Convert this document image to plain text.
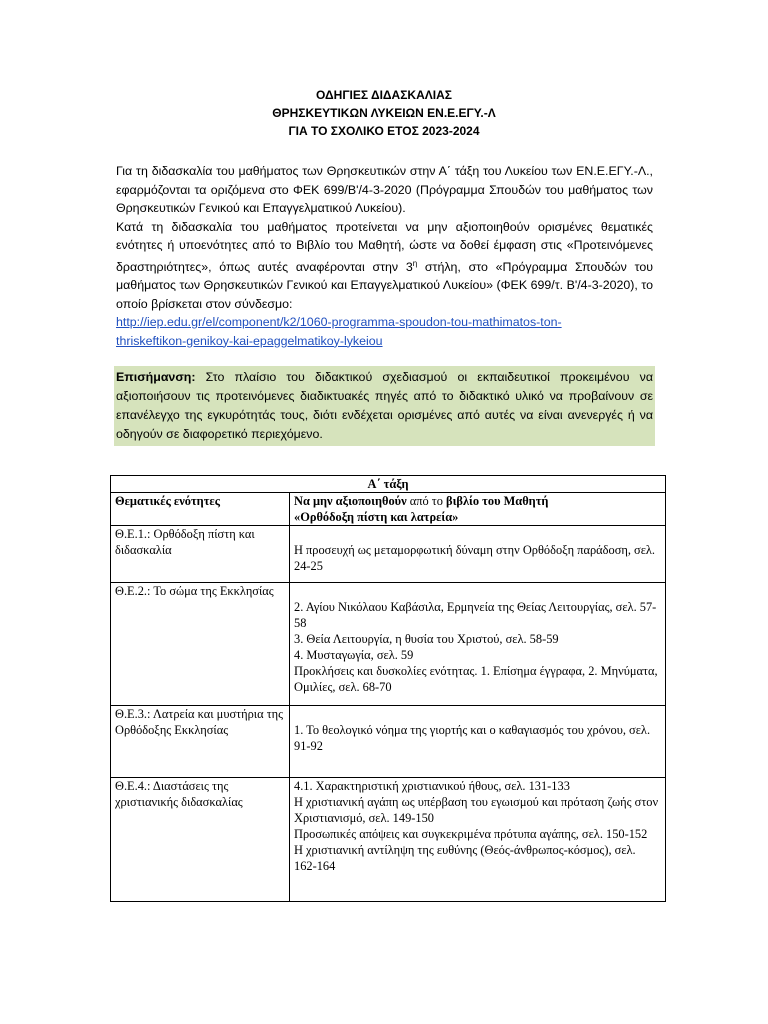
ΟΔΗΓΙΕΣ ΔΙΔΑΣΚΑΛΙΑΣ
ΘΡΗΣΚΕΥΤΙΚΩΝ ΛΥΚΕΙΩΝ ΕΝ.Ε.ΕΓΥ.-Λ
ΓΙΑ ΤΟ ΣΧΟΛΙΚΟ ΕΤΟΣ 2023-2024

Για τη διδασκαλία του μαθήματος των Θρησκευτικών στην Α΄ τάξη του Λυκείου των ΕΝ.Ε.ΕΓΥ.-Λ., εφαρμόζονται τα οριζόμενα στο ΦΕΚ 699/Β'/4-3-2020 (Πρόγραμμα Σπουδών του μαθήματος των Θρησκευτικών Γενικού και Επαγγελματικού Λυκείου).

Κατά τη διδασκαλία του μαθήματος προτείνεται να μην αξιοποιηθούν ορισμένες θεματικές ενότητες ή υποενότητες από το Βιβλίο του Μαθητή, ώστε να δοθεί έμφαση στις «Προτεινόμενες δραστηριότητες», όπως αυτές αναφέρονται στην $3^\eta$ στήλη, στο «Πρόγραμμα Σπουδών του μαθήματος των Θρησκευτικών Γενικού και Επαγγελματικού Λυκείου» (ΦΕΚ 699/τ. Β'/4-3-2020), το οποίο βρίσκεται στον σύνδεσμο:

http://iep.edu.gr/el/component/k2/1060-programma-spoudon-tou-mathimatos-ton-
thriskeftikon-genikoy-kai-epaggelmatikoy-lykeiou

Επισήμανση: Στο πλαίσιο του διδακτικού σχεδιασμού οι εκπαιδευτικοί προκειμένου να αξιοποιήσουν τις προτεινόμενες διαδικτυακές πηγές από το διδακτικό υλικό να προβαίνουν σε επανέλεγχο της εγκυρότητάς τους, διότι ενδέχεται ορισμένες από αυτές να είναι ανενεργές ή να οδηγούν σε διαφορετικό περιεχόμενο.
Α΄ τάξη	
Θεματικές ενότητες	Να μην αξιοποιηθούν από το βιβλίο του Μαθητή
«Ορθόδοξη πίστη και λατρεία»

Θ.Ε.1.: Ορθόδοξη πίστη και διδασκαλία	Η προσευχή ως μεταμορφωτική δύναμη στην Ορθόδοξη παράδοση, σελ. 24-25

Θ.Ε.2.: Το σώμα της Εκκλησίας	2. Αγίου Νικόλαου Καβάσιλα, Ερμηνεία της Θείας Λειτουργίας, σελ. 57-58
3. Θεία Λειτουργία, η θυσία του Χριστού, σελ. 58-59
4. Μυσταγωγία, σελ. 59
Προκλήσεις και δυσκολίες ενότητας. 1. Επίσημα έγγραφα, 2. Μηνύματα, Ομιλίες, σελ. 68-70

Θ.Ε.3.: Λατρεία και μυστήρια της Ορθόδοξης Εκκλησίας	1. Το θεολογικό νόημα της γιορτής και ο καθαγιασμός του χρόνου, σελ. 91-92

Θ.Ε.4.: Διαστάσεις της χριστιανικής διδασκαλίας	4.1. Χαρακτηριστική χριστιανικού ήθους, σελ. 131-133
Η χριστιανική αγάπη ως υπέρβαση του εγωισμού και πρόταση ζωής στον Χριστιανισμό, σελ. 149-150
Προσωπικές απόψεις και συγκεκριμένα πρότυπα αγάπης, σελ. 150-152
Η χριστιανική αντίληψη της ευθύνης (Θεός-άνθρωπος-κόσμος), σελ. 162-164
